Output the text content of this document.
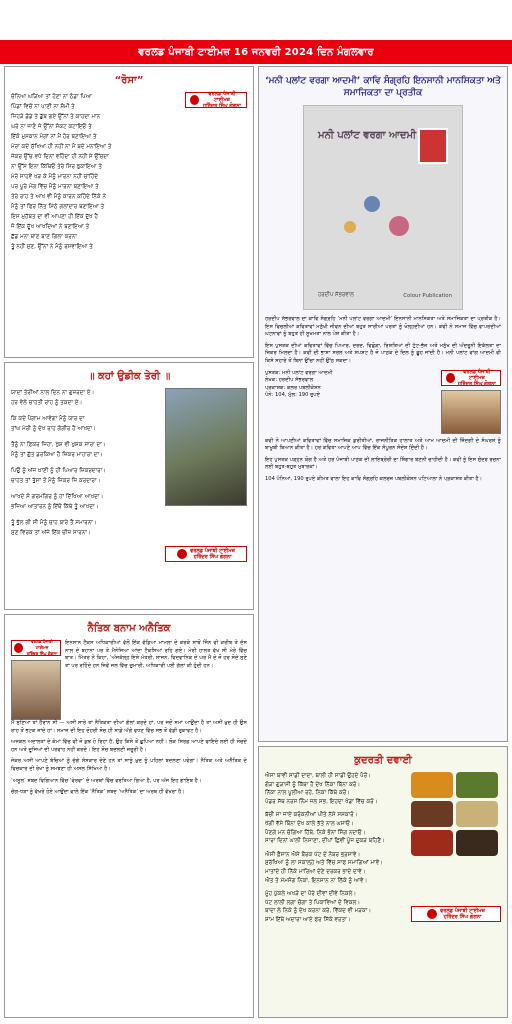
ਵਰਲਡ ਪੰਜਾਬੀ ਟਾਈਮਜ਼ 16 ਜਨਵਰੀ 2024 ਦਿਨ ਮੰਗਲਵਾਰ
“ਰੋਸਾ”
ਚੰਨਿਆ ਘੜਿਆ ਤਾਂ ਹੋਣਾ ਨਾ ਠੰਡਾ ਪਿਆ
ਪਿੰਡਾਂ ਵਿਚੋਂ ਨਾ ਪਾਣੀ ਨਾ ਸ਼ੰਮੀ ਤੇ
ਜਿਹੜੇ ਡੰਡੇ ਤੇ ਡੁੱਬ ਗਏ ਉੱਨਾਂ ਤੇ ਕਾਹਦਾ ਮਾਨ
ਘਰੇ ਨਾ ਜਾਣੋ ਜੇ ਉੱਨਾਂ ਸੰਕਟ ਕਟਾਇਓ ਤੇ
ਇੱਕੋ ਮੁਸਕਾਨ ਮੰਗਾਂ ਨਾਂ ਮੈਂ ਹੋਰ ਬਣਾਇਆ ਤੇ
ਮੇਰਾ ਕਦੇ ਸੁੱਖਿਆ ਹੀ ਨਹੀਂ ਨਾ ਮੈਂ ਬਦੇ ਮਨਾਇਆ ਤੇ
ਜੇਕਰ ਉੱਚ ਵਧੇ ਦਿਨਾਂ ਵਹਿੰਦਾ ਹੀ ਨਹੀਂ ਸੇ ਉੱਚਦਾ
ਨਾ ਉੱਸ ਇਨਾ ਕਿੱਥਿਓ ਤੇਰੇ ਸਿਰ ਝੁਕਾਇਆ ਤੇ
ਮੇਰੇ ਸਾਹਵੇਂ ਖੜ ਕੇ ਮੈਨੂੰ ਮਾਰਨਾ ਨਹੀਂ ਚਾਹਿੰਦੇ
ਪਰ ਪੂਰੇ ਮੰਗ ਵਿੱਚ ਮੈਨੂੰ ਮਾਰਨਾ ਬਣਾਇਆ ਤੇ
ਤੇਰੇ ਰਾਹ ਤੇ ਆਖ ਵੀ ਮੈਨੂੰ ਕਾਰਨ ਕਹਿੰਦੇ ਨਿੱਕੇ ਨੇ
ਮੈਨੂੰ ਤਾਂ ਫਿਰ ਨਿੱਤ ਮਿੱਠੇ ਗਲਾਂਦਾਰ ਬਣਾਇਆ ਤੇ
ਇਸ ਮੁਹੱਬਤ ਦਾ ਵੀ ਆਪਣਾ ਹੀ ਇੱਕ ਦੁੱਖ ਹੈ
ਜੋ ਇੱਕ ਦੂੱਖ ਆਖਦਿਆਂ ਨੇ ਬਣਾਇਆ ਤੇ
ਛੱਡ ਮਨਾ ਥਾਣ ਬਾਣ ਗਿਲਾ ਕਰਨਾ
ਤੂੰ ਨਹੀਂ ਸੁਣ, ਉੱਨਾਂ ਨੇ ਮੈਨੂੰ ਰਸਵਾਇਆ ਤੇ
ਵਰਲਡ ਪੰਜਾਬੀ ਟਾਈਮਜ਼
ਹਰਿੰਦਰ ਸਿੰਘ ਗੋਗਨਾ
॥ ਕਹਾਂ ਉਡੀਕ ਤੇਰੀ ॥
ਯਾਦਾਂ ਤੇਰੀਆਂ ਨਾਲ ਦਿਨ ਨਾ ਗੁਜ਼ਰਦਾ ਏ।
ਹਰ ਵੇਲੇ ਚਾਹਤੀ ਰਾਹ ਨੂੰ ਤਕਦਾ ਏ।
ਕਿ ਕਦੇ ਪੈਗਾਮ ਆਵੇਗਾ ਮੈਨੂੰ ਯਾਰ ਦਾ
ਤਾਂਘ ਮੇਰੀ ਨੂੰ ਦੇਖ ਰਾਹ ਗੰਗੀਰ ਹੈ ਆਖਦਾ।
ਤੈਨੂੰ ਨਾ ਫ਼ਿਕਰ ਜਿਹਾ, ਖੁੱਸ਼ ਵੀ ਖੁਸ਼ਕ ਸਾਰਾ ਦਾ।
ਮੈਨੂੰ ਤਾਂ ਗੁੱਤ ਡਰਕਿਆ ਹੈ ਜ਼ਿਕਰ ਮਾਹਾਰਾ ਦਾ।
ਪਿਉ ਨੂੰ ਅੱਜ ਖ਼ਾਣੀ ਨੂੰ ਹੀ ਪਿਆਰ ਜ਼ਿਕਰਦਾਰਾ।
ਚਾਹਤ ਤਾਂ ਤੁੱਸਾਂ ਤੋਂ ਮੈਨੂੰ ਜ਼ਿਕਰ ਜ਼ਿ ਕਰਦਾਰਾ।
ਆਖਦੇ ਸੋ ਗਰਮਗਿਰ ਨੂੰ ਹਾਂ ਦਿੱਖਿਆ ਆਖਦਾ।
ਭਜਿਆ ਆਤਾਰਨ ਨੂੰ ਇੱਥੋਂ ਕਿੱਥੇ ਤੂੰ ਆਖਦਾ।
ਤੂੰ ਭੁੱਲ ਗੀ ਸੀ ਮੈਨੂੰ ਚਾਹ ਬਾਰੇ ਤੈਂ ਸਮਾਰਨਾ।
ਸੁਣ ਵਿਰਕ ਤਾਂ ਅੱਜੇ ਇੱਕ ਚੀਜ਼ ਸਾਰਨਾ।
ਵਰਲਡ ਪੰਜਾਬੀ ਟਾਈਮਜ਼
ਹਰਿੰਦਰ ਸਿੰਘ ਗੋਗਨਾ
ਨੈਤਿਕ ਬਨਾਮ ਅਨੈਤਿਕ
ਵਰਲਡ ਪੰਜਾਬੀ ਟਾਈਮਜ਼
ਹਰਿੰਦਰ ਸਿੰਘ ਗੋਗਨਾ

ਇਨਸਾਨ ਟੈਕਸ ਅਧਿਕਾਰੀਆਂ ਵੱਲੋਂ ਇੱਕ ਵੱਡਿਆ ਮਾਮਲਾ ਦੇ ਕਰਕੇ ਸਾਥੋਂ ਜਿੰਨ ਵੀ ਕਰੀਬ ਤੇ ਦੱਸ ਨਾਲ ਦੇ ਬਹਾਨਾ ਪਰ ਤੇ ਮੈਨੇਜਿਆ ਆਂਦਾ ਟੈਕਸਿਆਂ ਰਹਿ ਗਏ। ਮੇਰੀ ਹਾਲਤ ਵੱਖ ਸੀ ਮੇਰੇ ਵਿੱਚ ਬਾਤ। ਮਿੱਤਰ ਨੇ ਕਿਹਾ, ‘ਅੱਜਕੱਲ੍ਹ ਇਸੇ ਮੰਤਰੀ, ਸਾਜਨ, ਵਿਦਵਾਨਿਕ ਦੇ ਘਰ ਮੈਂ ਦੇ ਜੋ ਹਰ ਸੋਦੇ ਸੁਣੇ ਤਾਂ ਪਰ ਰਹਿੰਦੇ ਹਨ ਜਿਵੇਂ ਜਲ ਵਿੱਚ ਚੁਮਾਰੀ, ਅਧਿਕਾਰੀ ਪਈ ਗੱਲਾਂ ਕੀ ਹੁੰਦੀ ਹਨ।

ਮੈਂ ਸੁਣਿਆ ਤਾਂ ਹੈਰਾਨ ਸੀ — ਅਸੀਂ ਸਾਰੇ ਤਾਂ ਨੈਤਿਕਤਾ ਦੀਆਂ ਗੱਲਾਂ ਕਰਦੇ ਹਾਂ, ਪਰ ਜਦੋਂ ਸਮਾਂ ਆਉਂਦਾ ਹੈ ਤਾਂ ਅਸੀਂ ਖ਼ੁਦ ਹੀ ਉਸ ਰਾਹ ਤੋਂ ਭਟਕ ਜਾਂਦੇ ਹਾਂ। ਸਮਾਜ ਦੀ ਇਹ ਦੋਹਰੀ ਸੋਚ ਹੀ ਸਾਡੇ ਅੱਗੇ ਵਧਣ ਵਿੱਚ ਸਭ ਤੋਂ ਵੱਡੀ ਰੁਕਾਵਟ ਹੈ।

ਅਜਕਲ ਅਦਾਲਤਾਂ ਦੇ ਕੰਮਾਂ ਵਿੱਚ ਵੀ ਜੋ ਕੁਝ ਹੋ ਰਿਹਾ ਹੈ, ਉਹ ਕਿਸੇ ਤੋਂ ਛੁਪਿਆ ਨਹੀਂ। ਲੋਕ ਸਿਰਫ਼ ਆਪਣੇ ਫਾਇਦੇ ਲਈ ਹੀ ਸੋਚਦੇ ਹਨ ਅਤੇ ਦੂਜਿਆਂ ਦੀ ਪਰਵਾਹ ਨਹੀਂ ਕਰਦੇ। ਇਹ ਸੋਚ ਬਦਲਣੀ ਜ਼ਰੂਰੀ ਹੈ।

ਜੇਕਰ ਅਸੀਂ ਆਪਣੇ ਬੱਚਿਆਂ ਨੂੰ ਚੰਗੇ ਸੰਸਕਾਰ ਦੇਣੇ ਹਨ ਤਾਂ ਸਾਨੂੰ ਖ਼ੁਦ ਨੂੰ ਪਹਿਲਾਂ ਬਦਲਣਾ ਪਵੇਗਾ। ਨੈਤਿਕ ਅਤੇ ਅਨੈਤਿਕ ਦੇ ਵਿਚਕਾਰ ਦੀ ਰੇਖਾ ਨੂੰ ਸਮਝਣਾ ਹੀ ਅਸਲ ਸਿੱਖਿਆ ਹੈ।

‘ਅਸੂਲ’ ਸ਼ਬਦ ਵਿਗਿਆਨ ਵਿੱਚ ‘ਵੇਰਵਾ’ ਦੇ ਅਰਥਾਂ ਵਿੱਚ ਵਰਤਿਆ ਗਿਆ ਹੈ, ਪਰ ਅੱਜ ਇਹ ਗਾਇਬ ਹੈ।

ਚੰਗ-ਧੜਾ ਨੂੰ ਵੱਖਰੇ ਹੋਏ ਆਉਂਦਾ ਵਾਲੇ ਇੱਕ ‘ਨੈਤਿਕ’ ਸ਼ਬਦ ‘ਅਨੈਤਿਕ’ ਦਾ ਅਰਥ ਹੀ ਵੱਖਰਾ ਹੈ।

‘ਮਨੀ ਪਲਾਂਟ ਵਰਗਾ ਆਦਮੀ’ ਕਾਵਿ ਸੰਗ੍ਰਹਿ ਇਨਸਾਨੀ ਮਾਨਸਿਕਤਾ ਅਤੇ ਸਮਾਜਿਕਤਾ ਦਾ ਪ੍ਰਤੀਕ
ਮਨੀ ਪਲਾਂਟ ਵਰਗਾ ਆਦਮੀ
ਹਰਦੀਪ ਸੱਭਰਵਾਲ	Colour Publication

ਹਰਦੀਪ ਸੱਭਰਵਾਲ ਦਾ ਕਾਵਿ ਸੰਗ੍ਰਹਿ ‘ਮਨੀ ਪਲਾਂਟ ਵਰਗਾ ਆਦਮੀ’ ਇਨਸਾਨੀ ਮਾਨਸਿਕਤਾ ਅਤੇ ਸਮਾਜਿਕਤਾ ਦਾ ਪ੍ਰਤੀਕ ਹੈ। ਇਸ ਵਿਚਲੀਆਂ ਕਵਿਤਾਵਾਂ ਮਨੁੱਖੀ ਜੀਵਨ ਦੀਆਂ ਬਹੁਤ ਸਾਰੀਆਂ ਪਰਤਾਂ ਨੂੰ ਖੋਲ੍ਹਦੀਆਂ ਹਨ। ਕਵੀ ਨੇ ਸਮਾਜ ਵਿੱਚ ਵਾਪਰਦੀਆਂ ਘਟਨਾਵਾਂ ਨੂੰ ਬਹੁਤ ਹੀ ਸੂਖਮਤਾ ਨਾਲ ਪੇਸ਼ ਕੀਤਾ ਹੈ।

ਇਸ ਪੁਸਤਕ ਦੀਆਂ ਕਵਿਤਾਵਾਂ ਵਿੱਚ ਪਿਆਰ, ਦਰਦ, ਵਿਛੋੜਾ, ਰਿਸ਼ਤਿਆਂ ਦੀ ਟੁੱਟ-ਭੱਜ ਅਤੇ ਮਨੁੱਖ ਦੀ ਅੰਦਰੂਨੀ ਇਕੱਲਤਾ ਦਾ ਜ਼ਿਕਰ ਮਿਲਦਾ ਹੈ। ਕਵੀ ਦੀ ਭਾਸ਼ਾ ਸਰਲ ਅਤੇ ਸਪਸ਼ਟ ਹੈ ਜੋ ਪਾਠਕ ਦੇ ਦਿਲ ਨੂੰ ਛੂਹ ਜਾਂਦੀ ਹੈ। ਮਨੀ ਪਲਾਂਟ ਵਾਂਗ ਆਦਮੀ ਵੀ ਕਿਸੇ ਸਹਾਰੇ ਤੋਂ ਬਿਨਾਂ ਉੱਚਾ ਨਹੀਂ ਉੱਠ ਸਕਦਾ।

ਪੁਸਤਕ: ਮਨੀ ਪਲਾਂਟ ਵਰਗਾ ਆਦਮੀ
ਲੇਖਕ: ਹਰਦੀਪ ਸੱਭਰਵਾਲ
ਪ੍ਰਕਾਸ਼ਕ: ਕਲਰ ਪਬਲੀਕੇਸ਼ਨ
ਪੰਨੇ: 104, ਮੁੱਲ: 190 ਰੁਪਏ
ਵਰਲਡ ਪੰਜਾਬੀ ਟਾਈਮਜ਼
ਹਰਿੰਦਰ ਸਿੰਘ ਗੋਗਨਾ

ਕਵੀ ਨੇ ਆਪਣੀਆਂ ਕਵਿਤਾਵਾਂ ਵਿੱਚ ਸਮਾਜਿਕ ਕੁਰੀਤੀਆਂ, ਰਾਜਨੀਤਿਕ ਹਾਲਾਤ ਅਤੇ ਆਮ ਆਦਮੀ ਦੀ ਜ਼ਿੰਦਗੀ ਦੇ ਸੰਘਰਸ਼ ਨੂੰ ਬਾਖੂਬੀ ਬਿਆਨ ਕੀਤਾ ਹੈ। ਹਰ ਕਵਿਤਾ ਆਪਣੇ ਆਪ ਵਿੱਚ ਇੱਕ ਸੰਪੂਰਨ ਸੰਦੇਸ਼ ਦਿੰਦੀ ਹੈ।

ਇਹ ਪੁਸਤਕ ਪੜ੍ਹਨ ਯੋਗ ਹੈ ਅਤੇ ਹਰ ਪੰਜਾਬੀ ਪਾਠਕ ਦੀ ਲਾਇਬ੍ਰੇਰੀ ਦਾ ਸ਼ਿੰਗਾਰ ਬਣਨੀ ਚਾਹੀਦੀ ਹੈ। ਕਵੀ ਨੂੰ ਇਸ ਸੁੰਦਰ ਰਚਨਾ ਲਈ ਬਹੁਤ-ਬਹੁਤ ਮੁਬਾਰਕਾਂ।

104 ਪੰਨਿਆਂ, 190 ਰੁਪਏ ਕੀਮਤ ਵਾਲਾ ਇਹ ਕਾਵਿ ਸੰਗ੍ਰਹਿ ਕਲਰਜ਼ ਪਬਲੀਕੇਸ਼ਨ ਪਟਿਆਲਾ ਨੇ ਪ੍ਰਕਾਸ਼ਤ ਕੀਤਾ ਹੈ।

ਕੁਦਰਤੀ ਦਵਾਈ
ਐਸਾ ਬਾਵੀ ਸਾਡੀ ਦਾਦਾ, ਬਾਲੀ ਹੀ ਸਾਡੀ ਉਹਦੇ ਪੈਰੋਂ।
ਗੋੜਾ ਗੁੜਾਸੀ ਨੂੰ ਕਿੱਥਾ ਹੈ ਦੇਖ ਨਿੱਕਾ ਬਿੱਨਾ ਕਰੋ।
ਨਿੱਕਾ ਨਾਲ ਪੂਲੀਆ ਰਹੇ, ਨਿਕਾ ਕਿੱਥੇ ਕਰੋਂ।
ਪੰਡਰ ਸੱਥ ਨਰਸ ਨਿੰਮ ਜਲ ਸਭ, ਇਹਦਾ ਖੰਡਾ ਵਿੱਚ ਕਰੋ।
ਬੱਚੀ ਸਾ ਜਾਏ ਕਰੋਕਨੀਆਂ ਪੀਤੇ ਨੱਸੇ ਸਸਕਾਰੋ।
ਖੱਗੀ ਵੱਸੇ ਬਿੰਨਾ ਦੇਖ ਕਾਲੇ ਭੱਤੇ ਨਾਲ ਘਸਾਓ।
ਪੈਣਗੇ ਮਨ ਚੰਗਿਆ ਹਿੱਥੇ, ਨਿਕੇ ਭੰਨਾਂ ਸਿੰਗ ਨਦਾਓ।
ਸਾਰਾ ਦਿਨਾਂ ਘਾਲੀ ਨਿਸਾਣਾ, ਦੀਪਾਂ ਛਿਵੀਂ ਪੂੰਜ ਦੁਕੜ ਬਹਿਣੈ।
ਐਸੀ ਫ਼ੈਸਾਨ ਐਸੇ ਬੌਰਕ ਪੱਟ ਦੇ ਨੰਬਰ ਭ੍ਰਸਾਵੇ।
ਸੁਰੱਖਿਆ ਨੂੰ ਲਾ ਸਕਾਲ੍ਹੇ ਅਤੇ ਵਿੱਚ ਸਾਫ ਸਮਾਗਿਆਂ ਮਾਵੇ।
ਮਾਤਾਂਦੇ ਹੀ ਨਿੱਕੇ ਮਾਰਿਆਂ ਦੇਣੇ ਦਰਕਰ ਭਾਦੇ ਦਾਵੇ।
ਐਂਤ ਤੇ ਮੱਮਸੰਗ ਨਿਕਾ, ਇਨਸਾਨ ਨਾ ਲਿੱਕੇ ਨੂੰ ਆਵੇ।
ਮੂੰਹ ਪੁੱਕਲੇ ਅਖੜੇ ਦਾ ਪੌਰੇ ਦੀਵਾਂ ਦੀਵੇ ਨਿਕਲੇ।
ਪੱਟ ਲਾਲੀ ਲਗਾ ਚੰਗਾ ਤੇ ਪਿਕਾਵਿਆਂ ਦੇ ਵਿਕਲ।
ਬਾਦਾ ਲੇ ਨਿਕੇ ਨੂੰ ਦੇਖ ਕਰਨਾ ਕਰੇ, ਵਿੱਕਦ ਵੀ ਮੜਕਾ।
ਸ਼ਾਮ ਇੱਥੇ ਅਦਾਰਾ ਆਏ ਫਰ ਸਿੱਕੇ ਵਰਤਾ।
ਵਰਲਡ ਪੰਜਾਬੀ ਟਾਈਮਜ਼
ਹਰਿੰਦਰ ਸਿੰਘ ਗੋਗਨਾ
